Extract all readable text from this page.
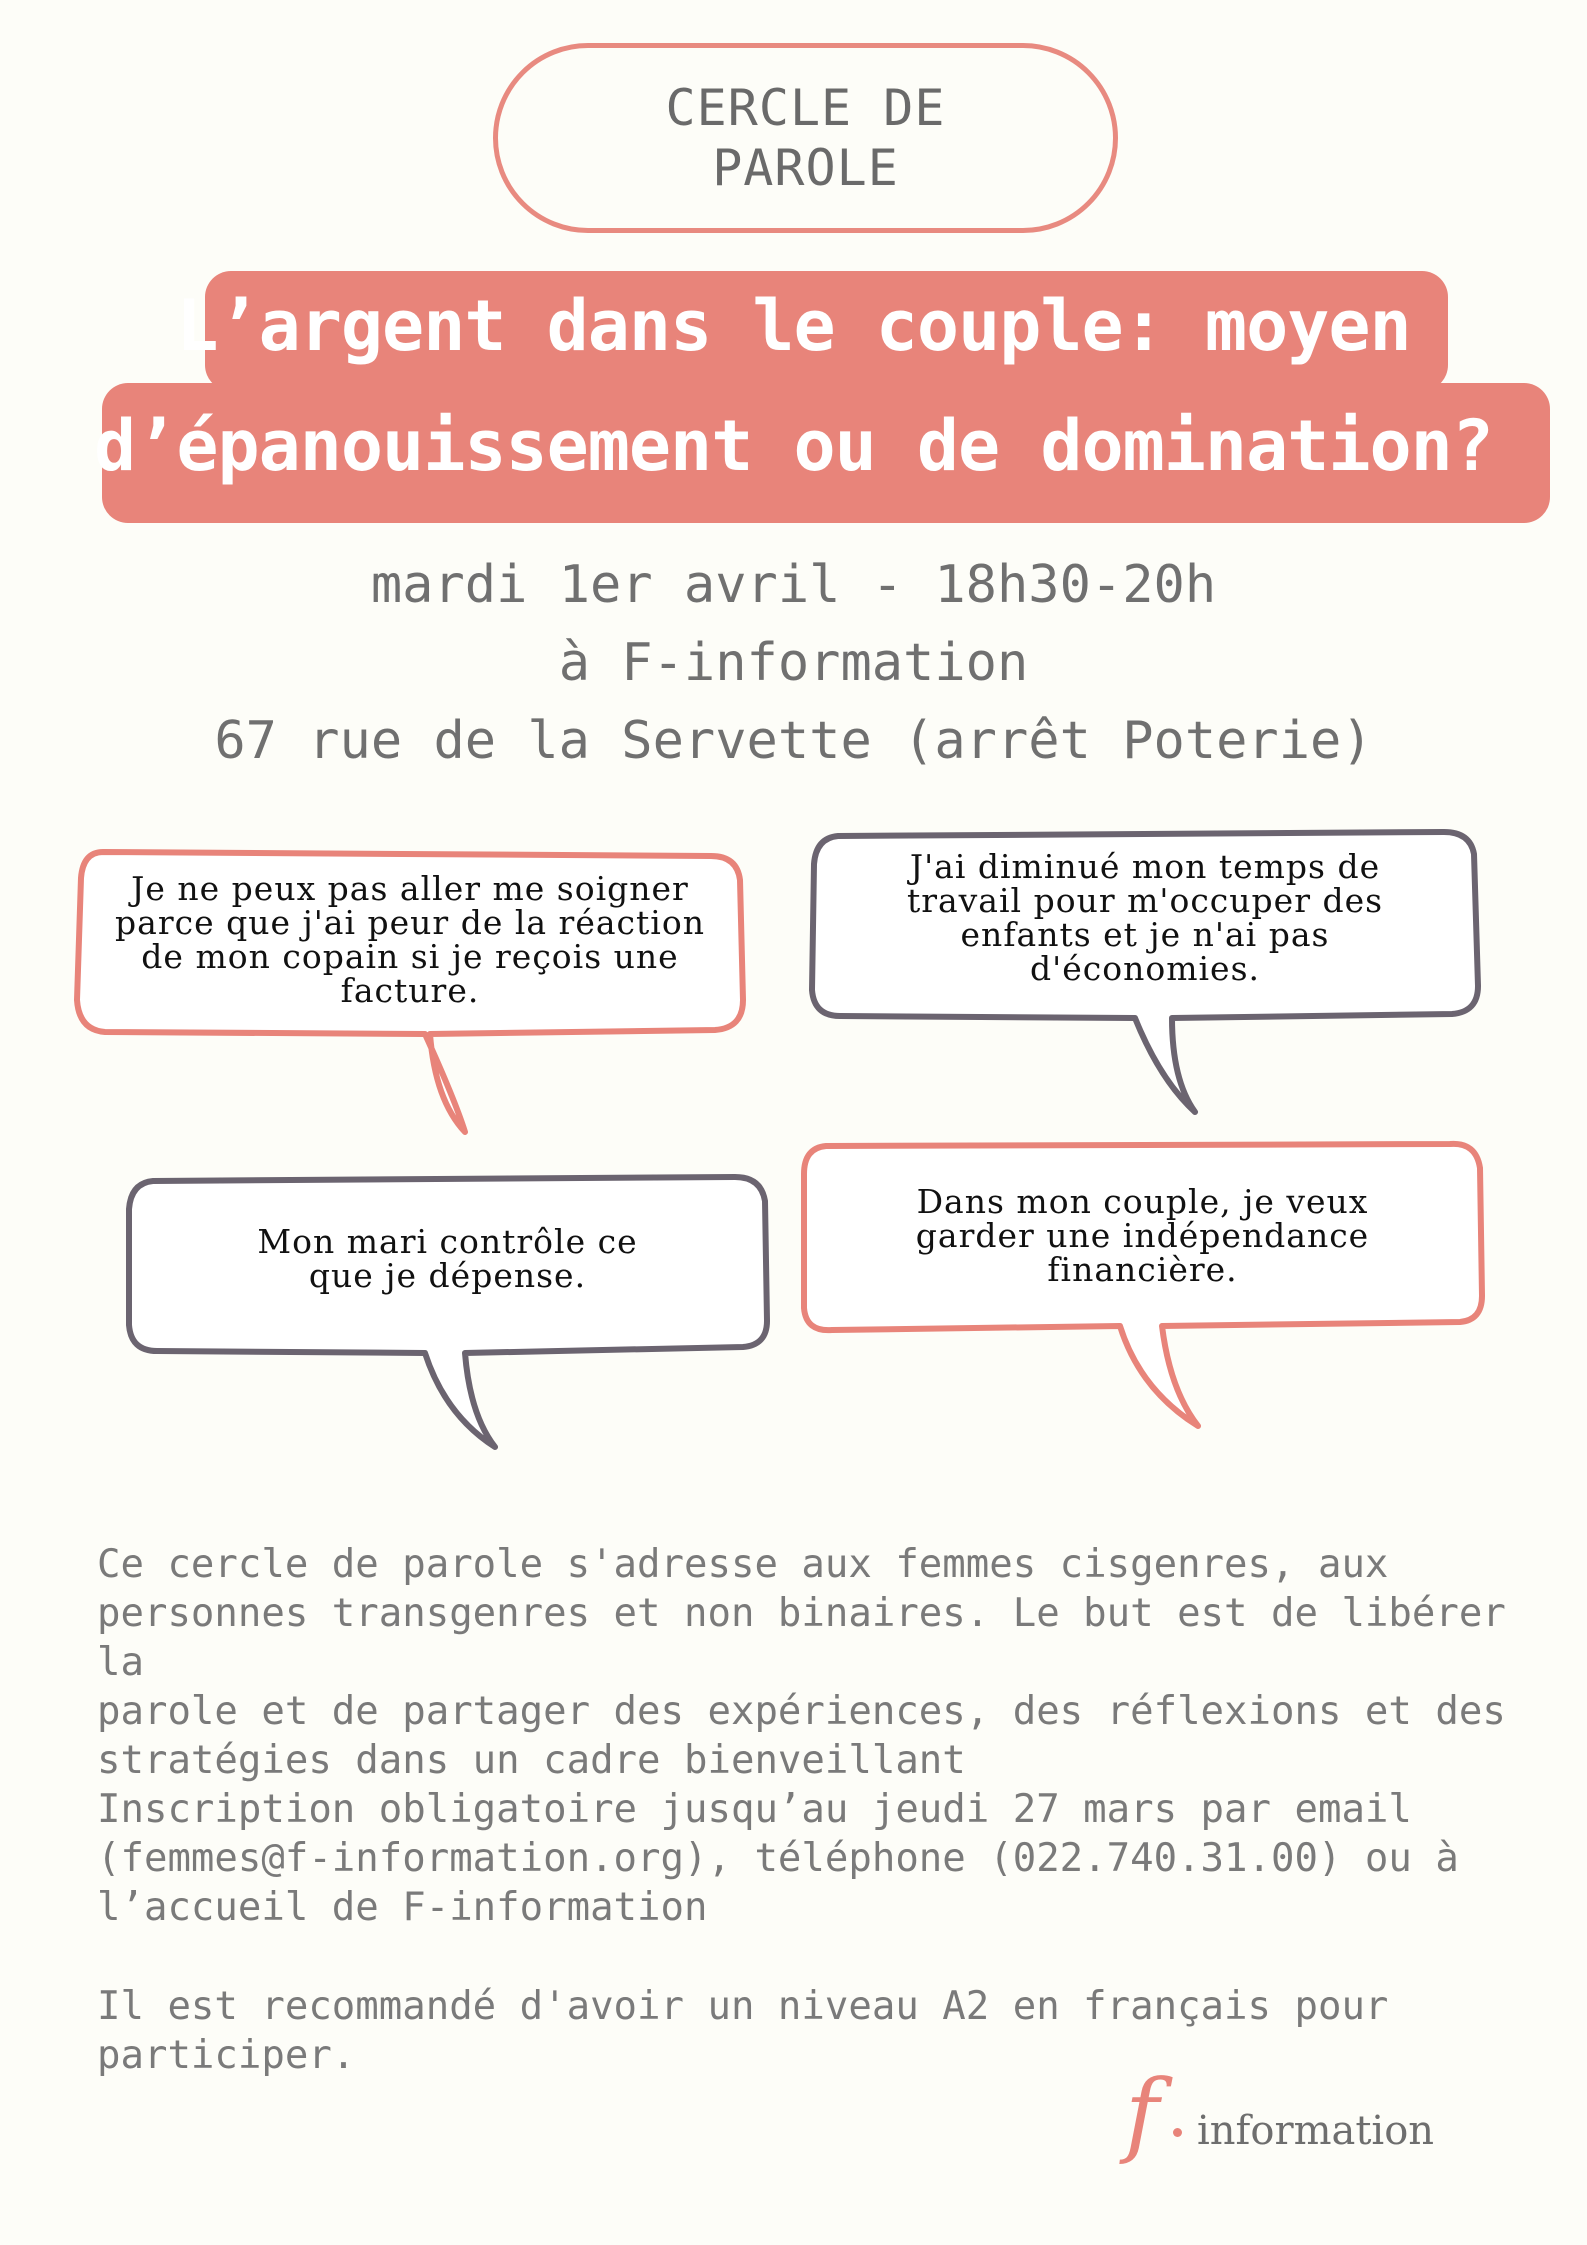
CERCLE DE
PAROLE
L’argent dans le couple: moyen
d’épanouissement ou de domination?
mardi 1er avril - 18h30-20h
à F-information
67 rue de la Servette (arrêt Poterie)
Je ne peux pas aller me soigner
parce que j'ai peur de la réaction
de mon copain si je reçois une
facture.
J'ai diminué mon temps de
travail pour m'occuper des
enfants et je n'ai pas
d'économies.
Mon mari contrôle ce
que je dépense.
Dans mon couple, je veux
garder une indépendance
financière.
Ce cercle de parole s'adresse aux femmes cisgenres, aux
personnes transgenres et non binaires. Le but est de libérer la
parole et de partager des expériences, des réflexions et des
stratégies dans un cadre bienveillant
Inscription obligatoire jusqu’au jeudi 27 mars par email
(femmes@f-information.org), téléphone (022.740.31.00) ou à
l’accueil de F-information
Il est recommandé d'avoir un niveau A2 en français pour
participer.
f information
